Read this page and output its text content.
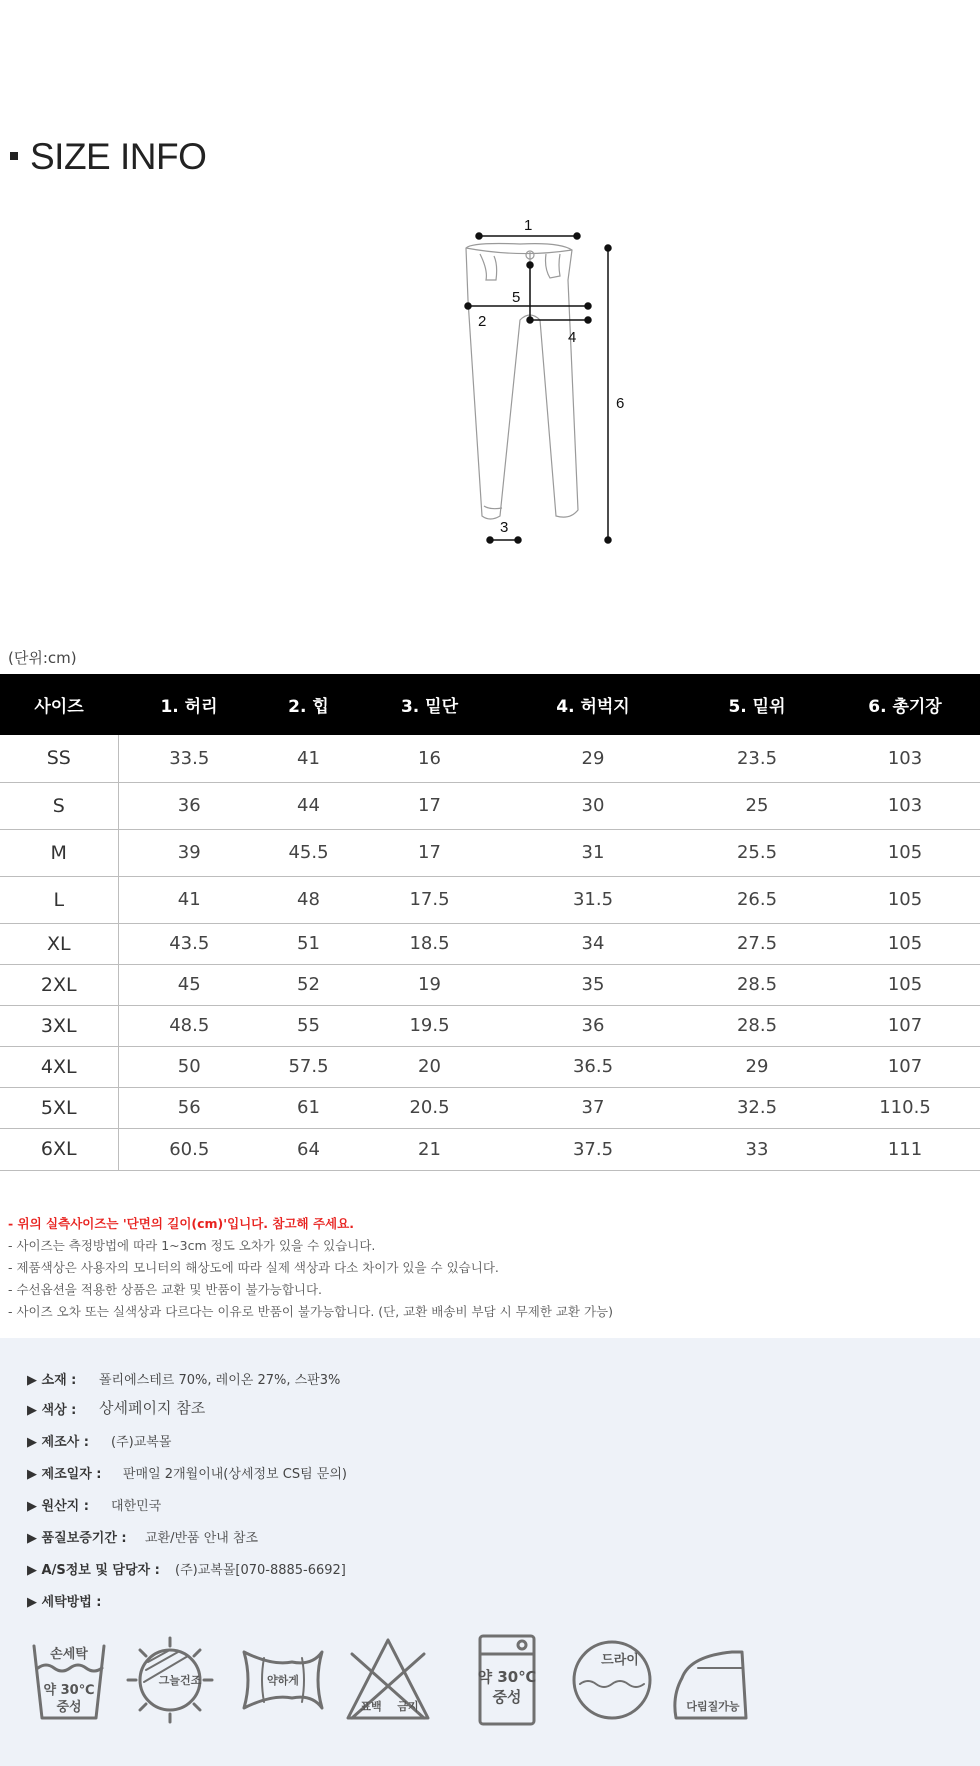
SIZE INFO
1
2
3
4
5
6
(단위:cm)
사이즈	1. 허리	2. 힙	3. 밑단	4. 허벅지	5. 밑위	6. 총기장
SS	33.5	41	16	29	23.5	103
S	36	44	17	30	25	103
M	39	45.5	17	31	25.5	105
L	41	48	17.5	31.5	26.5	105
XL	43.5	51	18.5	34	27.5	105
2XL	45	52	19	35	28.5	105
3XL	48.5	55	19.5	36	28.5	107
4XL	50	57.5	20	36.5	29	107
5XL	56	61	20.5	37	32.5	110.5
6XL	60.5	64	21	37.5	33	111
- 위의 실측사이즈는 '단면의 길이(cm)'입니다. 참고해 주세요.
- 사이즈는 측정방법에 따라 1~3cm 정도 오차가 있을 수 있습니다.
- 제품색상은 사용자의 모니터의 해상도에 따라 실제 색상과 다소 차이가 있을 수 있습니다.
- 수선옵션을 적용한 상품은 교환 및 반품이 불가능합니다.
- 사이즈 오차 또는 실색상과 다르다는 이유로 반품이 불가능합니다. (단, 교환 배송비 부담 시 무제한 교환 가능)
▶ 소재 : 폴리에스테르 70%, 레이온 27%, 스판3%
▶ 색상 : 상세페이지 참조
▶ 제조사 : (주)교복몰
▶ 제조일자 : 판매일 2개월이내(상세정보 CS팀 문의)
▶ 원산지 : 대한민국
▶ 품질보증기간 : 교환/반품 안내 참조
▶ A/S정보 및 담당자 : (주)교복몰[070-8885-6692]
▶ 세탁방법 :
손세탁
약 30℃
중성
그늘건조	약하게
표백 금지
약 30℃
중성
드라이
다림질가능
